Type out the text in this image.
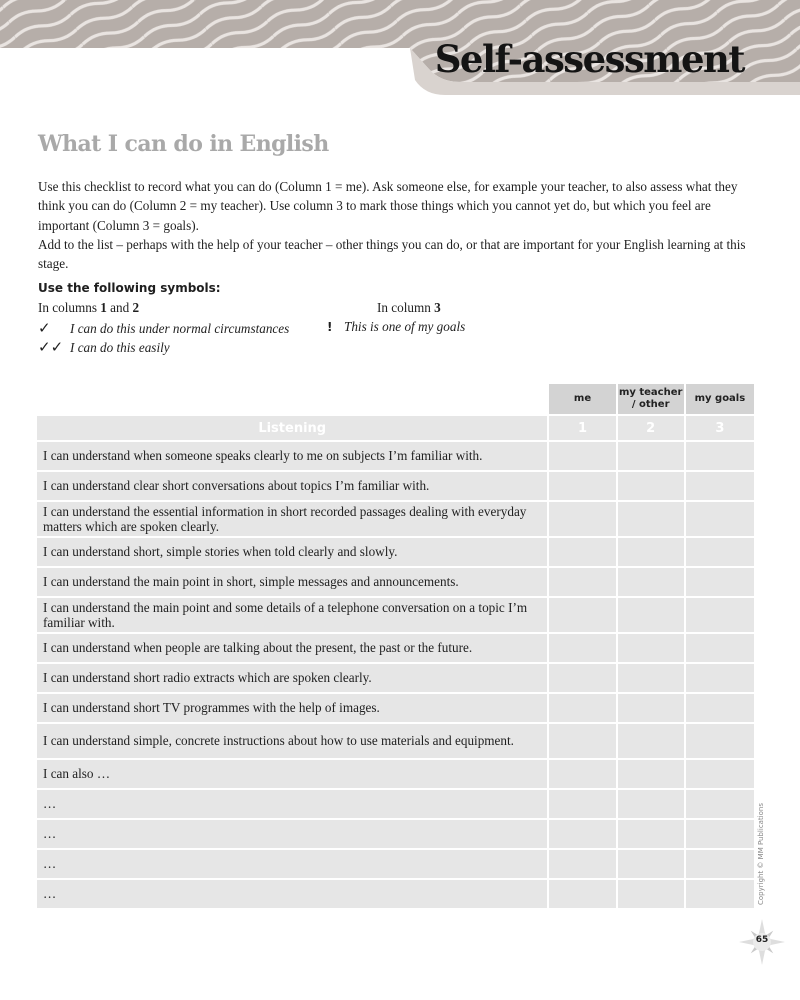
Self-assessment
What I can do in English

Use this checklist to record what you can do (Column 1 = me). Ask someone else, for example your teacher, to also assess what they think you can do (Column 2 = my teacher). Use column 3 to mark those things which you cannot yet do, but which you feel are important (Column 3 = goals).

Add to the list – perhaps with the help of your teacher – other things you can do, or that are important for your English learning at this stage.

Use the following symbols:
In columns 1 and 2	In column 3
✓ I can do this under normal circumstances	! This is one of my goals
✓✓ I can do this easily
	me	my teacher / other	my goals
Listening	1	2	3
I can understand when someone speaks clearly to me on subjects I’m familiar with.			
I can understand clear short conversations about topics I’m familiar with.			
I can understand the essential information in short recorded passages dealing with everyday matters which are spoken clearly.			
I can understand short, simple stories when told clearly and slowly.			
I can understand the main point in short, simple messages and announcements.			
I can understand the main point and some details of a telephone conversation on a topic I’m familiar with.			
I can understand when people are talking about the present, the past or the future.			
I can understand short radio extracts which are spoken clearly.			
I can understand short TV programmes with the help of images.			
I can understand simple, concrete instructions about how to use materials and equipment.			
I can also …			
…			
…			
…			
…				Copyright © MM Publications
65
